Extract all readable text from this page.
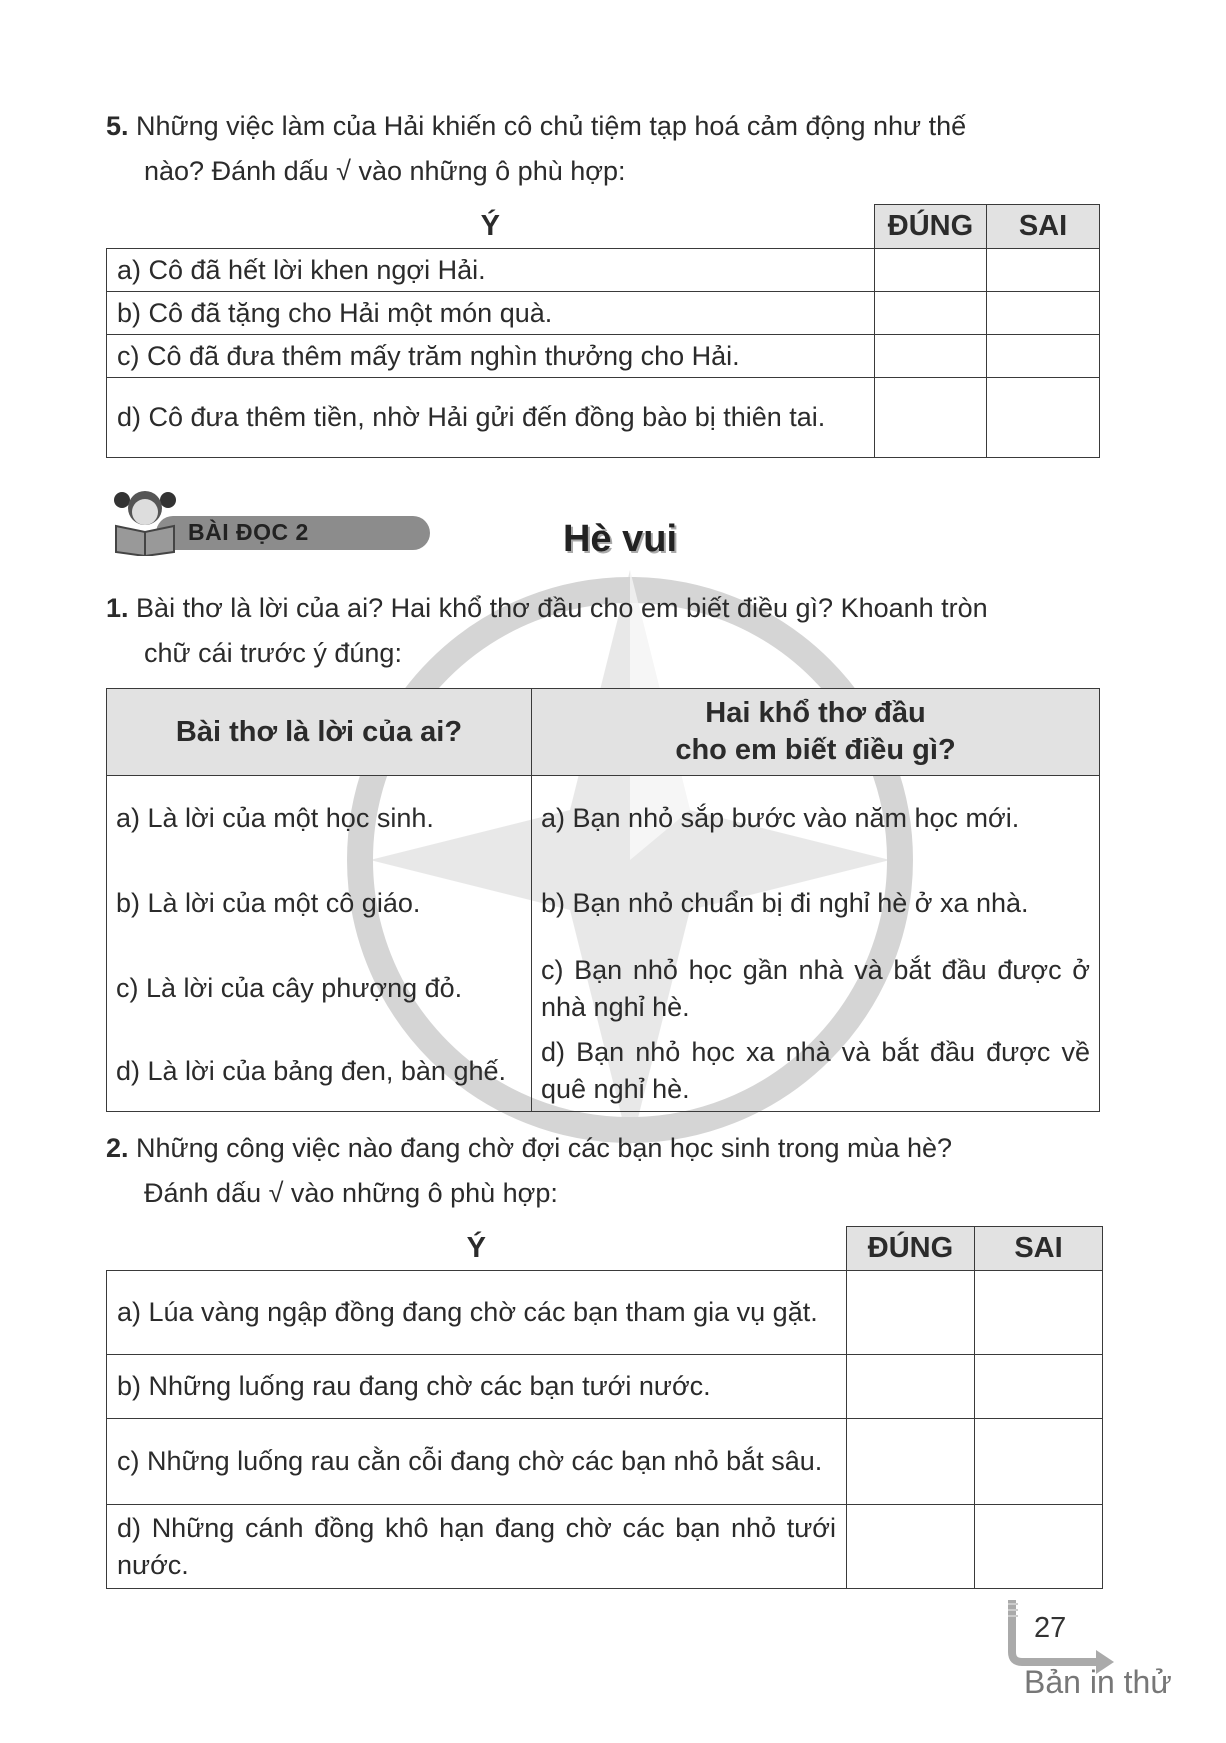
5. Những việc làm của Hải khiến cô chủ tiệm tạp hoá cảm động như thế
nào? Đánh dấu √ vào những ô phù hợp:
Ý	ĐÚNG	SAI
a) Cô đã hết lời khen ngợi Hải.		
b) Cô đã tặng cho Hải một món quà.		
c) Cô đã đưa thêm mấy trăm nghìn thưởng cho Hải.		
d) Cô đưa thêm tiền, nhờ Hải gửi đến đồng bào bị thiên tai.		
BÀI ĐỌC 2	Hè vui
1. Bài thơ là lời của ai? Hai khổ thơ đầu cho em biết điều gì? Khoanh tròn
chữ cái trước ý đúng:
Bài thơ là lời của ai?	Hai khổ thơ đầu
cho em biết điều gì?

a) Là lời của một học sinh.	a) Bạn nhỏ sắp bước vào năm học mới.
b) Là lời của một cô giáo.	b) Bạn nhỏ chuẩn bị đi nghỉ hè ở xa nhà.
c) Là lời của cây phượng đỏ.	c) Bạn nhỏ học gần nhà và bắt đầu được ở nhà nghỉ hè.
d) Là lời của bảng đen, bàn ghế.	d) Bạn nhỏ học xa nhà và bắt đầu được về quê nghỉ hè.
2. Những công việc nào đang chờ đợi các bạn học sinh trong mùa hè?
Đánh dấu √ vào những ô phù hợp:
Ý	ĐÚNG	SAI
a) Lúa vàng ngập đồng đang chờ các bạn tham gia vụ gặt.		
b) Những luống rau đang chờ các bạn tưới nước.		
c) Những luống rau cằn cỗi đang chờ các bạn nhỏ bắt sâu.		
d) Những cánh đồng khô hạn đang chờ các bạn nhỏ tưới nước.		
27
Bản in thử
